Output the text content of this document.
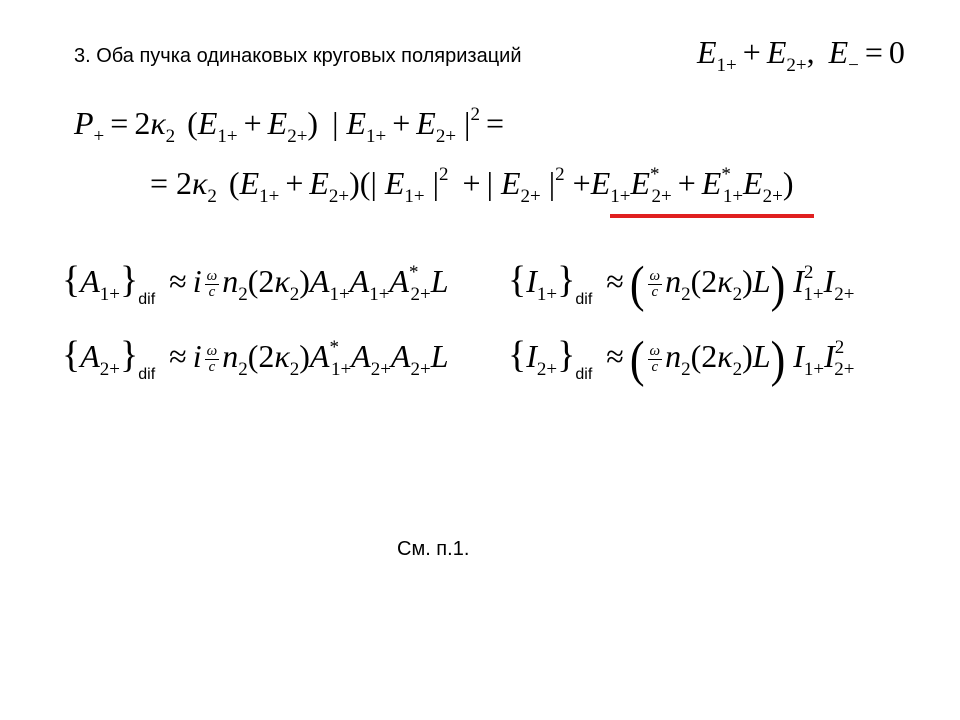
3. Оба пучка одинаковых круговых поляризаций	$E_{1+} + E_{2+}$, $E_- = 0$
$P_+ = 2\kappa_2$ $(E_{1+} + E_{2+})$ | $E_{1+} + E_{2+}$ $|^2$ =
= $2\kappa_2$ $(E_{1+} + E_{2+})(|$ $E_{1+}$ $|^2$ + | $E_{2+}$ $|^2 +E_{1+}E^*_{2+} + E^*_{1+}E_{2+}$)
$\{A_{1+}\}_{dif} \approx i \frac{\omega}{c} n_2(2\kappa_2)A_{1+}A_{1+}A^*_{2+}L$
$\{A_{2+}\}_{dif} \approx i \frac{\omega}{c} n_2(2\kappa_2)A^*_{1+}A_{2+}A_{2+}L$
$\{I_{1+}\}_{dif}$ ≈ ( $\frac{\omega}{c} n_2(2\kappa_2)L$) $I^2_{1+}I_{2+}$
$\{I_{2+}\}_{dif}$ ≈ ( $\frac{\omega}{c} n_2(2\kappa_2)L$) $I_{1+}I^2_{2+}$
См. п.1.
